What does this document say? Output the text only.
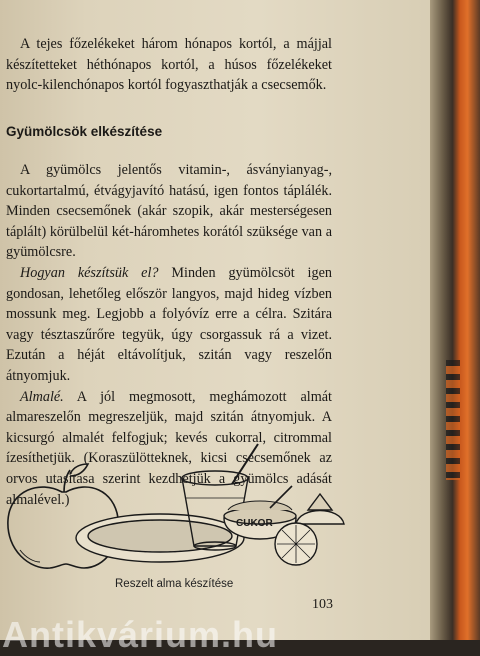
A tejes főzelékeket három hónapos kortól, a májjal készítetteket héthónapos kortól, a húsos főzelékeket nyolc-kilenchónapos kortól fogyaszthatják a csecsemők.

Gyümölcsök elkészítése

A gyümölcs jelentős vitamin-, ásványianyag-, cukortartalmú, étvágyjavító hatású, igen fontos táplálék. Minden csecsemőnek (akár szopik, akár mesterségesen táplált) körülbelül két-háromhetes korától szüksége van a gyümölcsre.

Hogyan készítsük el? Minden gyümölcsöt igen gondosan, lehetőleg először langyos, majd hideg vízben mossunk meg. Legjobb a folyóvíz erre a célra. Szitára vagy tésztaszűrőre tegyük, úgy csorgassuk rá a vizet. Ezután a héját eltávolítjuk, szitán vagy reszelőn átnyomjuk.

Almalé. A jól megmosott, meghámozott almát almareszelőn megreszeljük, majd szitán átnyomjuk. A kicsurgó almalét felfogjuk; kevés cukorral, citrommal ízesíthetjük. (Koraszülötteknek, kicsi csecsemőnek az orvos utasítása szerint kezdhetjük a gyümölcs adását almalével.)

CUKOR
Reszelt alma készítése
103
Antikvárium.hu
